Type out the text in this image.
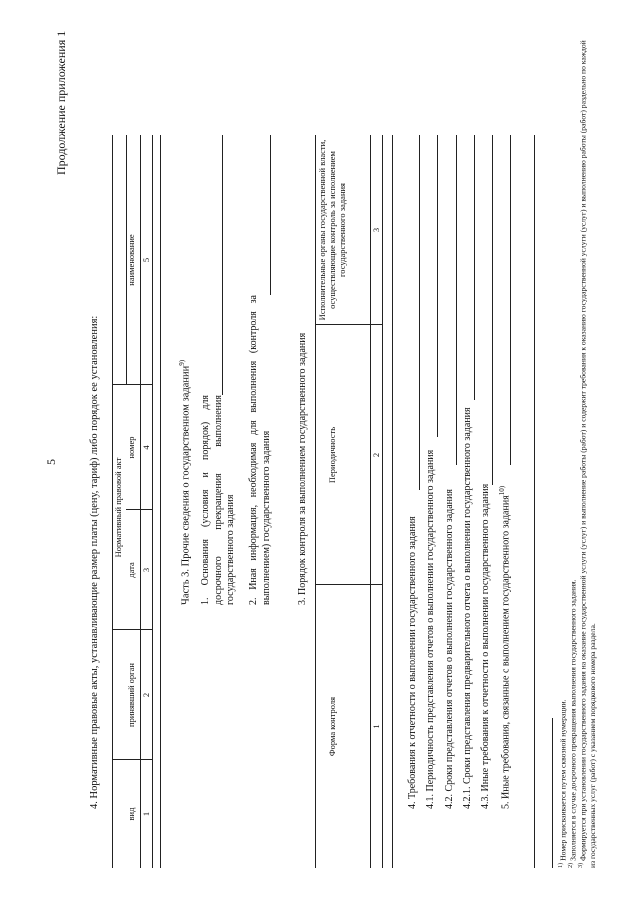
5
Продолжение приложения 1
4. Нормативные правовые акты, устанавливающие размер платы (цену, тариф) либо порядок ее установления: Нормативный правовой акт
вид
принявший орган
дата
номер
наименование
1
2
3
4
5
Часть 3. Прочие сведения о государственном задании$^{9)}$
1. Основания (условия и порядок) для досрочного прекращения выполнения государственного задания 2. Иная информация, необходимая для выполнения (контроля за выполнением) государственного задания	3. Порядок контроля за выполнением государственного задания
Форма контроля
Периодичность
Исполнительные органы государственной власти, осуществляющие контроль за исполнением государственного задания
1
2
3
4. Требования к отчетности о выполнении государственного задания 4.1. Периодичность представления отчетов о выполнении государственного задания 4.2. Сроки представления отчетов о выполнении государственного задания 4.2.1. Сроки представления предварительного отчета о выполнении государственного задания 4.3. Иные требования к отчетности о выполнении государственного задания 5. Иные требования, связанные с выполнением государственного задания$^{10)}$
$^{1)}$ Номер присваивается путем сквозной нумерации.
$^{2)}$ Заполняется в случае досрочного прекращения выполнения государственного задания.
$^{3)}$ Формируется при установлении государственного задания на оказание государственной услуги (услуг) и выполнение работы (работ) и содержит требования к оказанию государственной услуги (услуг) и выполнению работы (работ) раздельно по каждой из государственных услуг (работ) с указанием порядкового номера раздела.
